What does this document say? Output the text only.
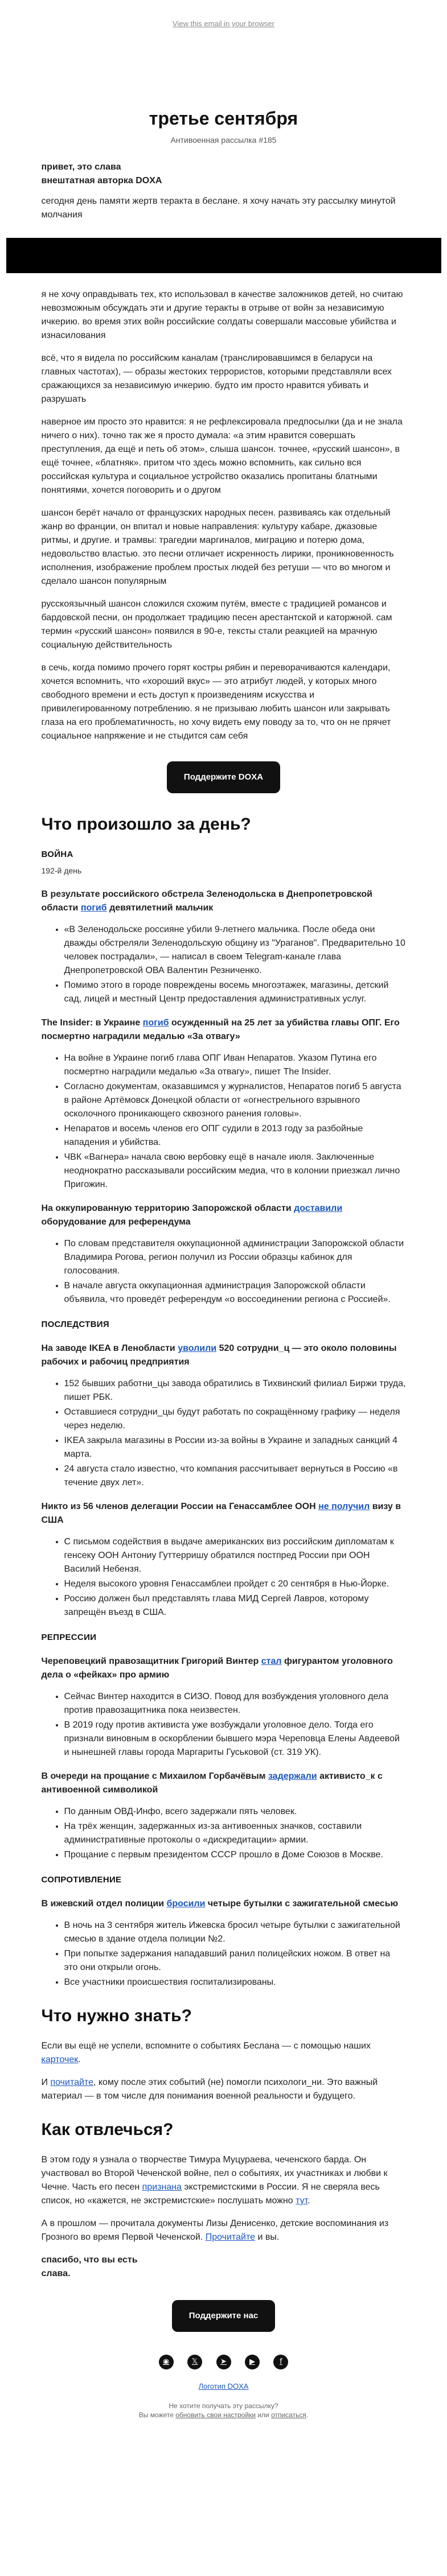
View this email in your browser
третье сентября
Антивоенная рассылка #185

привет, это слава
внештатная авторка DOXA

сегодня день памяти жертв теракта в беслане. я хочу начать эту рассылку минутой молчания

я не хочу оправдывать тех, кто использовал в качестве заложников детей, но считаю невозможным обсуждать эти и другие теракты в отрыве от войн за независимую ичкерию. во время этих войн российские солдаты совершали массовые убийства и изнасилования

всё, что я видела по российским каналам (транслировавшимся в беларуси на главных частотах), — образы жестоких террористов, которыми представляли всех сражающихся за независимую ичкерию. будто им просто нравится убивать и разрушать

наверное им просто это нравится: я не рефлексировала предпосылки (да и не знала ничего о них). точно так же я просто думала: «а этим нравится совершать преступления, да ещё и петь об этом», слыша шансон. точнее, «русский шансон», в ещё точнее, «блатняк». притом что здесь можно вспомнить, как сильно вся российская культура и социальное устройство оказались пропитаны блатными понятиями, хочется поговорить и о другом

шансон берёт начало от французских народных песен. развиваясь как отдельный жанр во франции, он впитал и новые направления: культуру кабаре, джазовые ритмы, и другие. и трамвы: трагедии маргиналов, миграцию и потерю дома, недовольство властью. это песни отличает искренность лирики, проникновенность исполнения, изображение проблем простых людей без ретуши — что во многом и сделало шансон популярным

русскоязычный шансон сложился схожим путём, вместе с традицией романсов и бардовской песни, он продолжает традицию песен арестантской и каторжной. сам термин «русский шансон» появился в 90-е, тексты стали реакцией на мрачную социальную действительность

в сечь, когда помимо прочего горят костры рябин и переворачиваются календари, хочется вспомнить, что «хороший вкус» — это атрибут людей, у которых много свободного времени и есть доступ к произведениям искусства и привилегированному потреблению. я не призываю любить шансон или закрывать глаза на его проблематичность, но хочу видеть ему поводу за то, что он не прячет социальное напряжение и не стыдится сам себя

Поддержите DOXA
Что произошло за день?
ВОЙНА
192-й день

В результате российского обстрела Зеленодольска в Днепропетровской области погиб девятилетний мальчик

• «В Зеленодольске россияне убили 9-летнего мальчика. После обеда они дважды обстреляли Зеленодольскую общину из "Ураганов". Предварительно 10 человек пострадали», — написал в своем Telegram-канале глава Днепропетровской ОВА Валентин Резниченко.
• Помимо этого в городе повреждены восемь многоэтажек, магазины, детский сад, лицей и местный Центр предоставления административных услуг.

The Insider: в Украине погиб осужденный на 25 лет за убийства главы ОПГ. Его посмертно наградили медалью «За отвагу»

• На войне в Украине погиб глава ОПГ Иван Непаратов. Указом Путина его посмертно наградили медалью «За отвагу», пишет The Insider.
• Согласно документам, оказавшимся у журналистов, Непаратов погиб 5 августа в районе Артёмовск Донецкой области от «огнестрельного взрывного осколочного проникающего сквозного ранения головы».
• Непаратов и восемь членов его ОПГ судили в 2013 году за разбойные нападения и убийства.
• ЧВК «Вагнера» начала свою вербовку ещё в начале июля. Заключенные неоднократно рассказывали российским медиа, что в колонии приезжал лично Пригожин.

На оккупированную территорию Запорожской области доставили оборудование для референдума

• По словам представителя оккупационной администрации Запорожской области Владимира Рогова, регион получил из России образцы кабинок для голосования.
• В начале августа оккупационная администрация Запорожской области объявила, что проведёт референдум «о воссоединении региона с Россией».
ПОСЛЕДСТВИЯ

На заводе IKEA в Ленобласти уволили 520 сотрудни_ц — это около половины рабочих и рабочиц предприятия

• 152 бывших работни_цы завода обратились в Тихвинский филиал Биржи труда, пишет РБК.
• Оставшиеся сотрудни_цы будут работать по сокращённому графику — неделя через неделю.
• IKEA закрыла магазины в России из-за войны в Украине и западных санкций 4 марта.
• 24 августа стало известно, что компания рассчитывает вернуться в Россию «в течение двух лет».

Никто из 56 членов делегации России на Генассамблее ООН не получил визу в США

• С письмом содействия в выдаче американских виз российским дипломатам к генсеку ООН Антониу Гуттерришу обратился постпред России при ООН Василий Небензя.
• Неделя высокого уровня Генассамблеи пройдет с 20 сентября в Нью-Йорке.
• Россию должен был представлять глава МИД Сергей Лавров, которому запрещён въезд в США.
РЕПРЕССИИ

Череповецкий правозащитник Григорий Винтер стал фигурантом уголовного дела о «фейках» про армию

• Сейчас Винтер находится в СИЗО. Повод для возбуждения уголовного дела против правозащитника пока неизвестен.
• В 2019 году против активиста уже возбуждали уголовное дело. Тогда его признали виновным в оскорблении бывшего мэра Череповца Елены Авдеевой и нынешней главы города Маргариты Гуськовой (ст. 319 УК).

В очереди на прощание с Михаилом Горбачёвым задержали активисто_к с антивоенной символикой

• По данным ОВД-Инфо, всего задержали пять человек.
• На трёх женщин, задержанных из-за антивоенных значков, составили административные протоколы о «дискредитации» армии.
• Прощание с первым президентом СССР прошло в Доме Союзов в Москве.
СОПРОТИВЛЕНИЕ

В ижевский отдел полиции бросили четыре бутылки с зажигательной смесью

• В ночь на 3 сентября житель Ижевска бросил четыре бутылки с зажигательной смесью в здание отдела полиции №2.
• При попытке задержания нападавший ранил полицейских ножом. В ответ на это они открыли огонь.
• Все участники происшествия госпитализированы.
Что нужно знать?

Если вы ещё не успели, вспомните о событиях Беслана — с помощью наших карточек.

И почитайте, кому после этих событий (не) помогли психологи_ни. Это важный материал — в том числе для понимания военной реальности и будущего.

Как отвлечься?

В этом году я узнала о творчестве Тимура Муцураева, чеченского барда. Он участвовал во Второй Чеченской войне, пел о событиях, их участниках и любви к Чечне. Часть его песен признана экстремистскими в России. Я не сверяла весь список, но «кажется, не экстремистские» послушать можно тут.

А в прошлом — прочитала документы Лизы Денисенко, детские воспоминания из Грозного во время Первой Чеченской. Прочитайте и вы.

спасибо, что вы есть
слава.

Поддержите нас
◉	𝕏	➤	▶	f
Логотип DOXA
Не хотите получать эту рассылку?
Вы можете обновить свои настройки или отписаться.
